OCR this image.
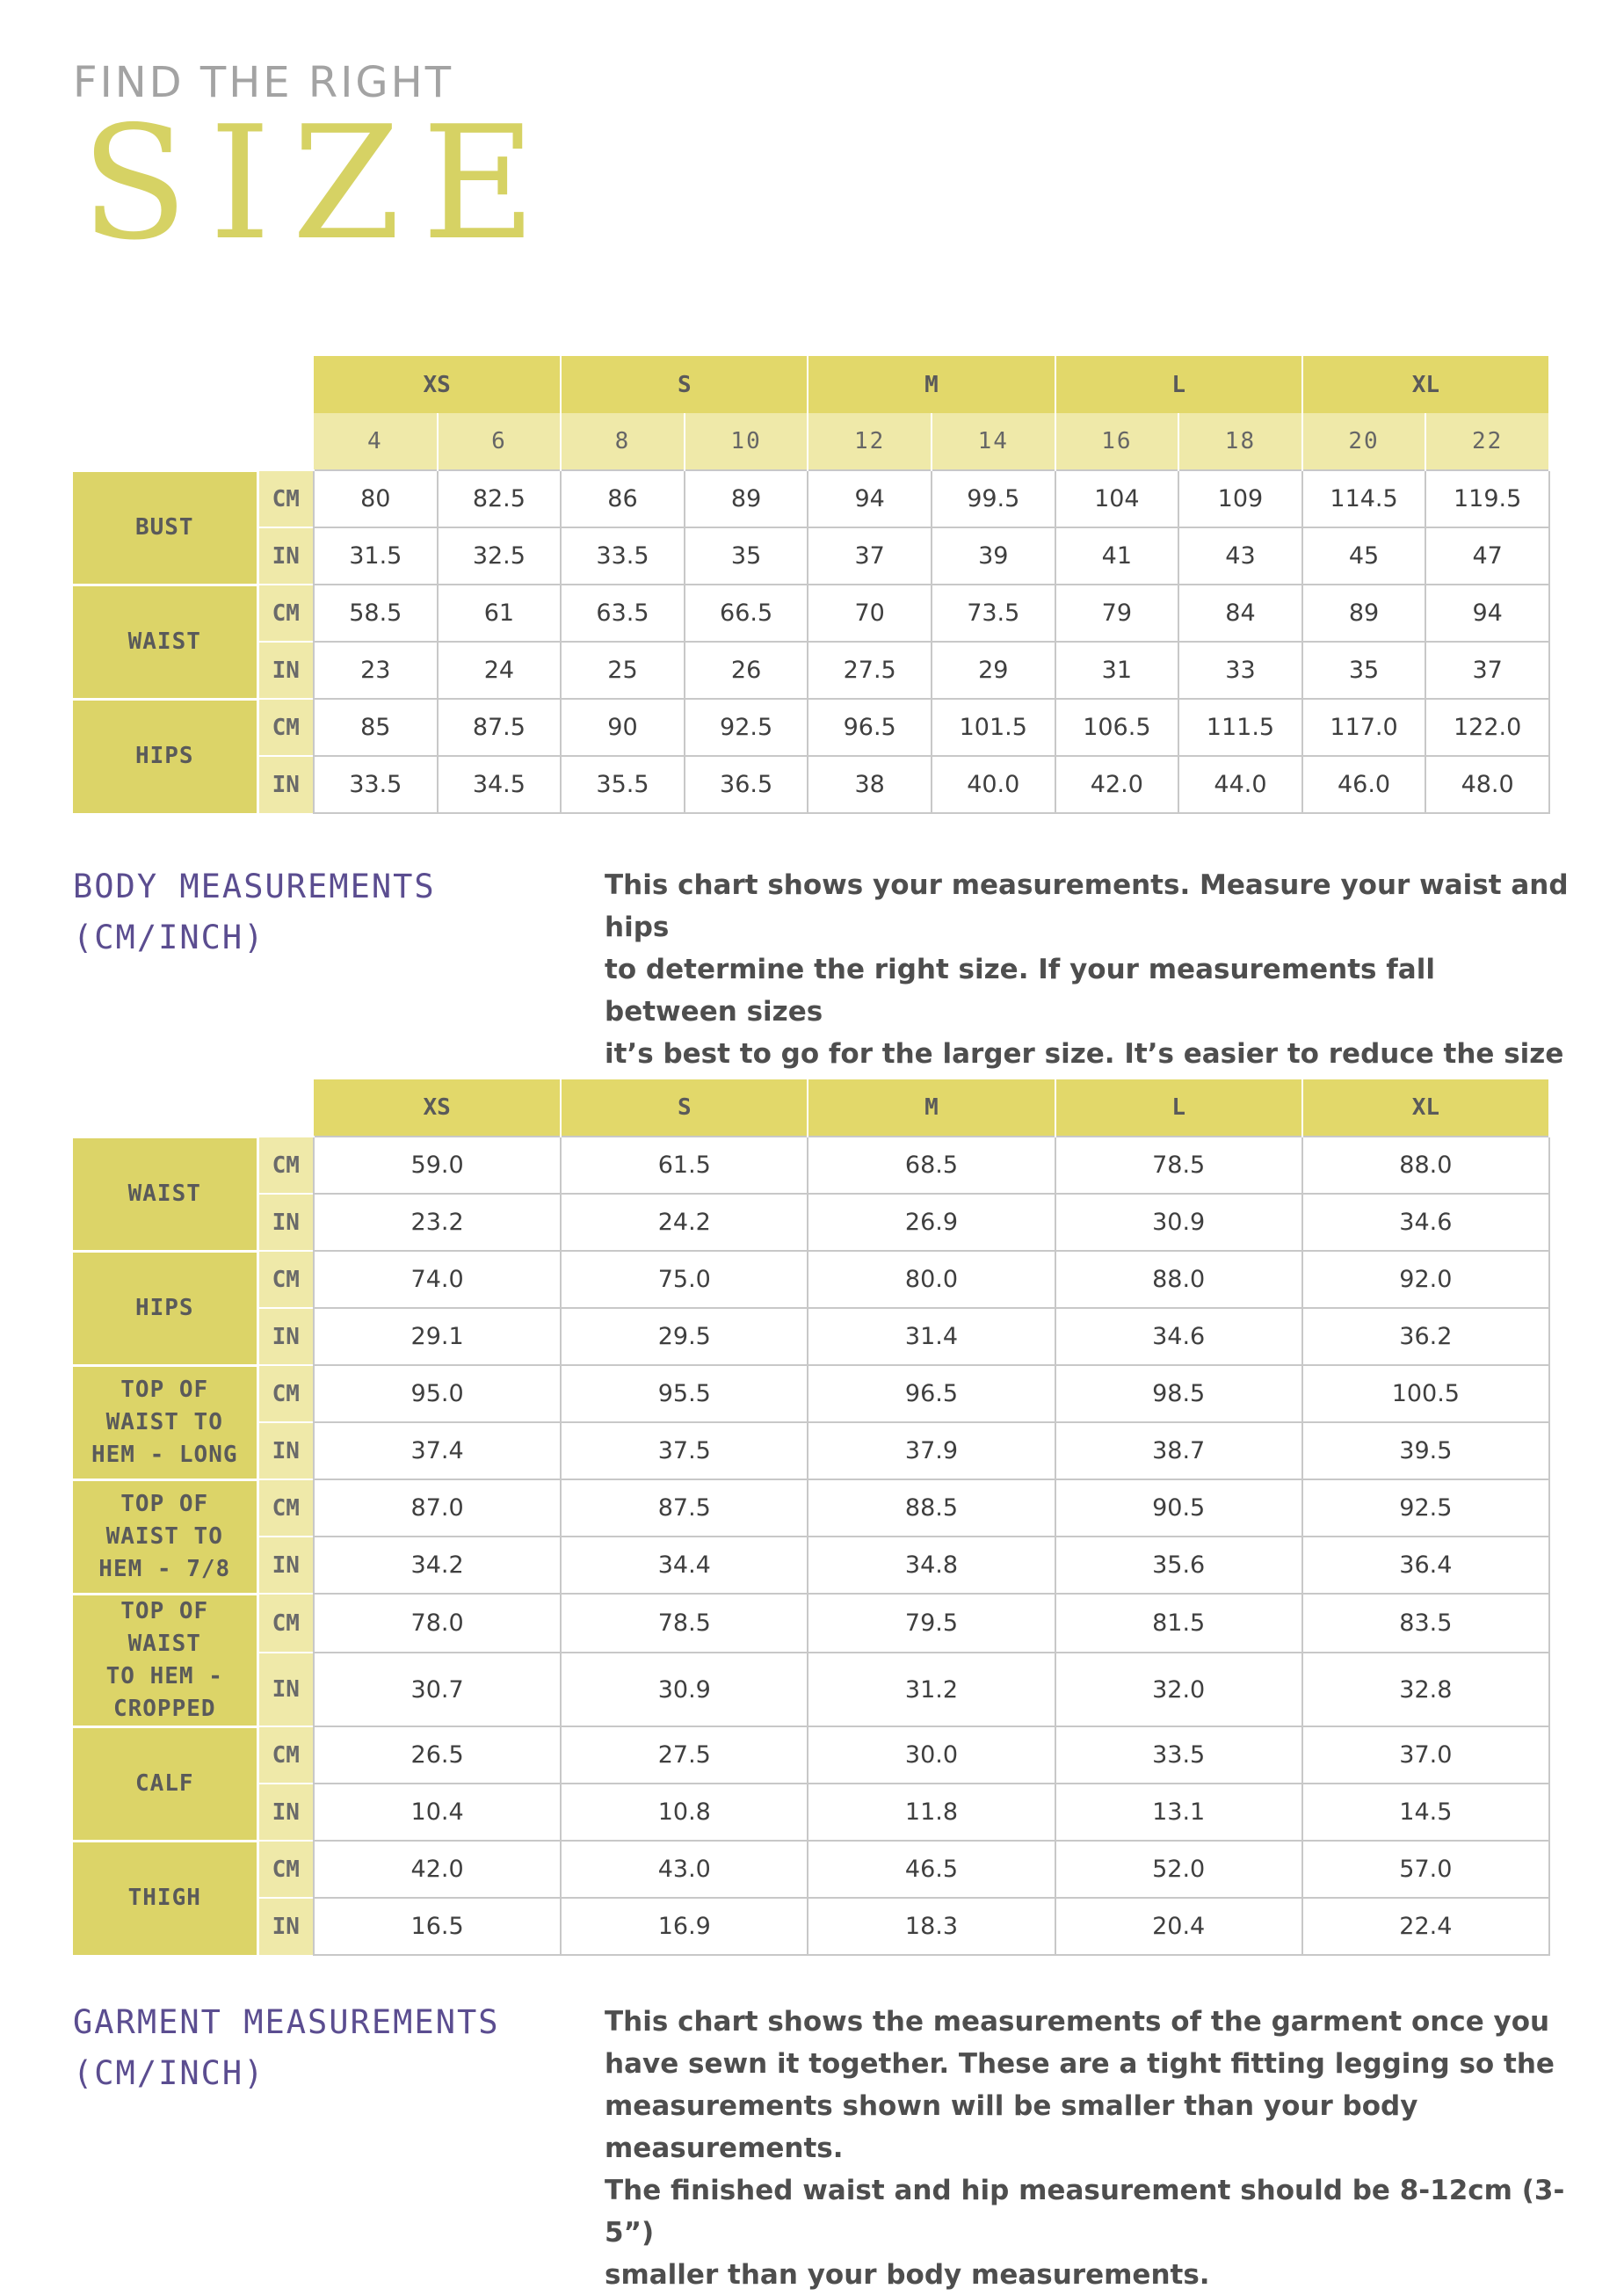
FIND THE RIGHT
SIZE
		XS		S		M		L		XL	
		4	6	8	10	12	14	16	18	20	22
BUST	CM	80	82.5	86	89	94	99.5	104	109	114.5	119.5
	IN	31.5	32.5	33.5	35	37	39	41	43	45	47
WAIST	CM	58.5	61	63.5	66.5	70	73.5	79	84	89	94
	IN	23	24	25	26	27.5	29	31	33	35	37
HIPS	CM	85	87.5	90	92.5	96.5	101.5	106.5	111.5	117.0	122.0
	IN	33.5	34.5	35.5	36.5	38	40.0	42.0	44.0	46.0	48.0
BODY MEASUREMENTS
(CM/INCH)
This chart shows your measurements. Measure your waist and hips
to determine the right size. If your measurements fall between sizes
it’s best to go for the larger size. It’s easier to reduce the size
		XS	S	M	L	XL

WAIST	CM	59.0	61.5	68.5	78.5	88.0
	IN	23.2	24.2	26.9	30.9	34.6

HIPS	CM	74.0	75.0	80.0	88.0	92.0
	IN	29.1	29.5	31.4	34.6	36.2

TOP OF
WAIST TO
HEM - LONG	CM	95.0	95.5	96.5	98.5	100.5
	IN	37.4	37.5	37.9	38.7	39.5

TOP OF
WAIST TO
HEM - 7/8	CM	87.0	87.5	88.5	90.5	92.5
	IN	34.2	34.4	34.8	35.6	36.4

TOP OF
WAIST
TO HEM -
CROPPED	CM	78.0	78.5	79.5	81.5	83.5
	IN	30.7	30.9	31.2	32.0	32.8

CALF	CM	26.5	27.5	30.0	33.5	37.0
	IN	10.4	10.8	11.8	13.1	14.5

THIGH	CM	42.0	43.0	46.5	52.0	57.0
	IN	16.5	16.9	18.3	20.4	22.4
GARMENT MEASUREMENTS
(CM/INCH)
This chart shows the measurements of the garment once you
have sewn it together. These are a tight fitting legging so the
measurements shown will be smaller than your body measurements.
The finished waist and hip measurement should be 8-12cm (3-5”)
smaller than your body measurements.
